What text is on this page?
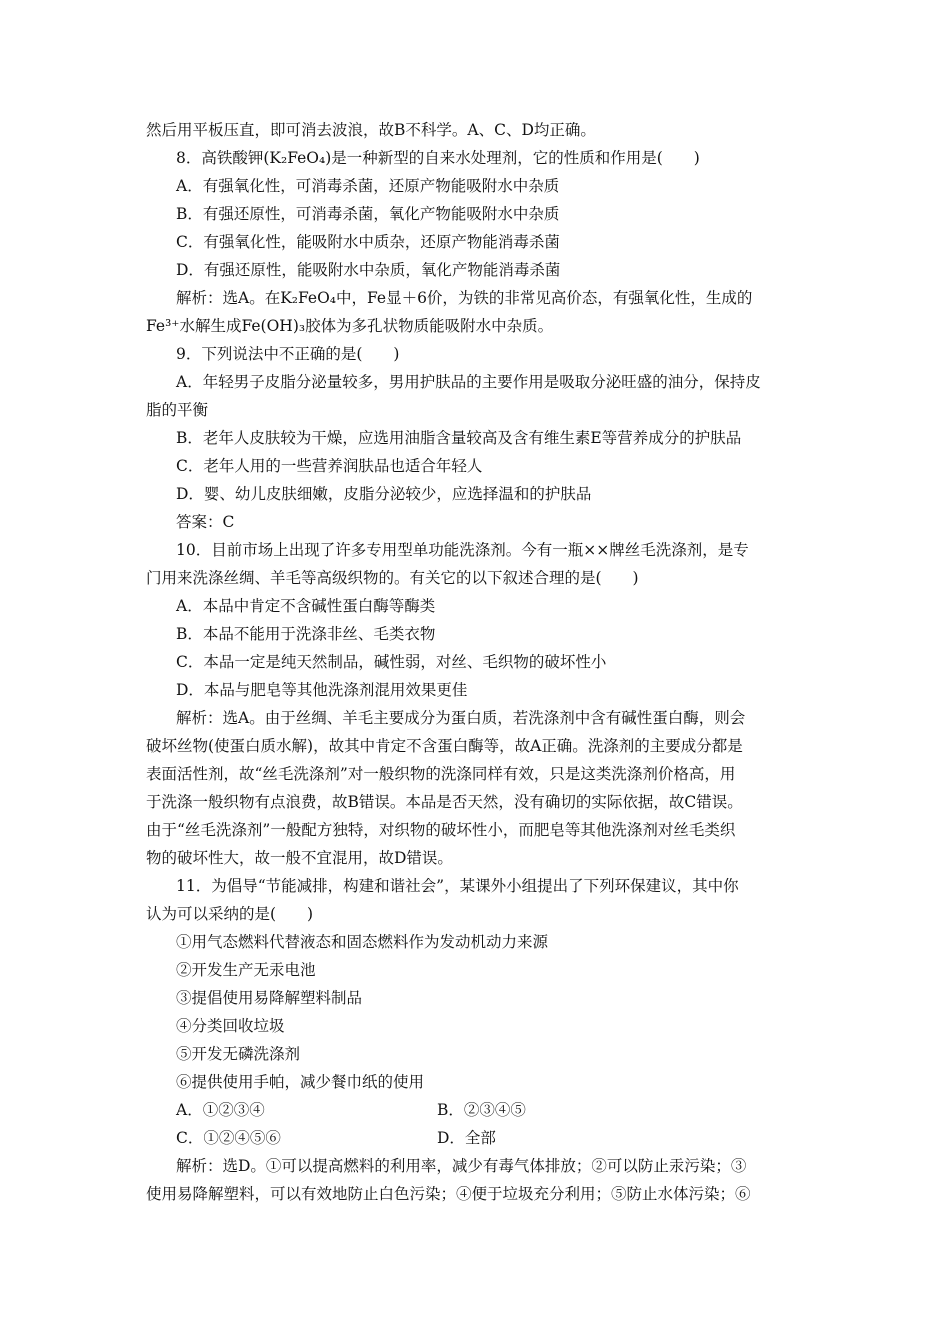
然后用平板压直，即可消去波浪，故B不科学。A、C、D均正确。
8．高铁酸钾(K₂FeO₄)是一种新型的自来水处理剂，它的性质和作用是(　　)
A．有强氧化性，可消毒杀菌，还原产物能吸附水中杂质
B．有强还原性，可消毒杀菌，氧化产物能吸附水中杂质
C．有强氧化性，能吸附水中质杂，还原产物能消毒杀菌
D．有强还原性，能吸附水中杂质，氧化产物能消毒杀菌
解析：选A。在K₂FeO₄中，Fe显＋6价，为铁的非常见高价态，有强氧化性，生成的
Fe³⁺水解生成Fe(OH)₃胶体为多孔状物质能吸附水中杂质。
9．下列说法中不正确的是(　　)
A．年轻男子皮脂分泌量较多，男用护肤品的主要作用是吸取分泌旺盛的油分，保持皮
脂的平衡
B．老年人皮肤较为干燥，应选用油脂含量较高及含有维生素E等营养成分的护肤品
C．老年人用的一些营养润肤品也适合年轻人
D．婴、幼儿皮肤细嫩，皮脂分泌较少，应选择温和的护肤品
答案：C
10．目前市场上出现了许多专用型单功能洗涤剂。今有一瓶××牌丝毛洗涤剂，是专
门用来洗涤丝绸、羊毛等高级织物的。有关它的以下叙述合理的是(　　)
A．本品中肯定不含碱性蛋白酶等酶类
B．本品不能用于洗涤非丝、毛类衣物
C．本品一定是纯天然制品，碱性弱，对丝、毛织物的破坏性小
D．本品与肥皂等其他洗涤剂混用效果更佳
解析：选A。由于丝绸、羊毛主要成分为蛋白质，若洗涤剂中含有碱性蛋白酶，则会
破坏丝物(使蛋白质水解)，故其中肯定不含蛋白酶等，故A正确。洗涤剂的主要成分都是
表面活性剂，故“丝毛洗涤剂”对一般织物的洗涤同样有效，只是这类洗涤剂价格高，用
于洗涤一般织物有点浪费，故B错误。本品是否天然，没有确切的实际依据，故C错误。
由于“丝毛洗涤剂”一般配方独特，对织物的破坏性小，而肥皂等其他洗涤剂对丝毛类织
物的破坏性大，故一般不宜混用，故D错误。
11．为倡导“节能减排，构建和谐社会”，某课外小组提出了下列环保建议，其中你
认为可以采纳的是(　　)
①用气态燃料代替液态和固态燃料作为发动机动力来源
②开发生产无汞电池
③提倡使用易降解塑料制品
④分类回收垃圾
⑤开发无磷洗涤剂
⑥提供使用手帕，减少餐巾纸的使用
A．①②③④	B．②③④⑤
C．①②④⑤⑥	D．全部
解析：选D。①可以提高燃料的利用率，减少有毒气体排放；②可以防止汞污染；③
使用易降解塑料，可以有效地防止白色污染；④便于垃圾充分利用；⑤防止水体污染；⑥
